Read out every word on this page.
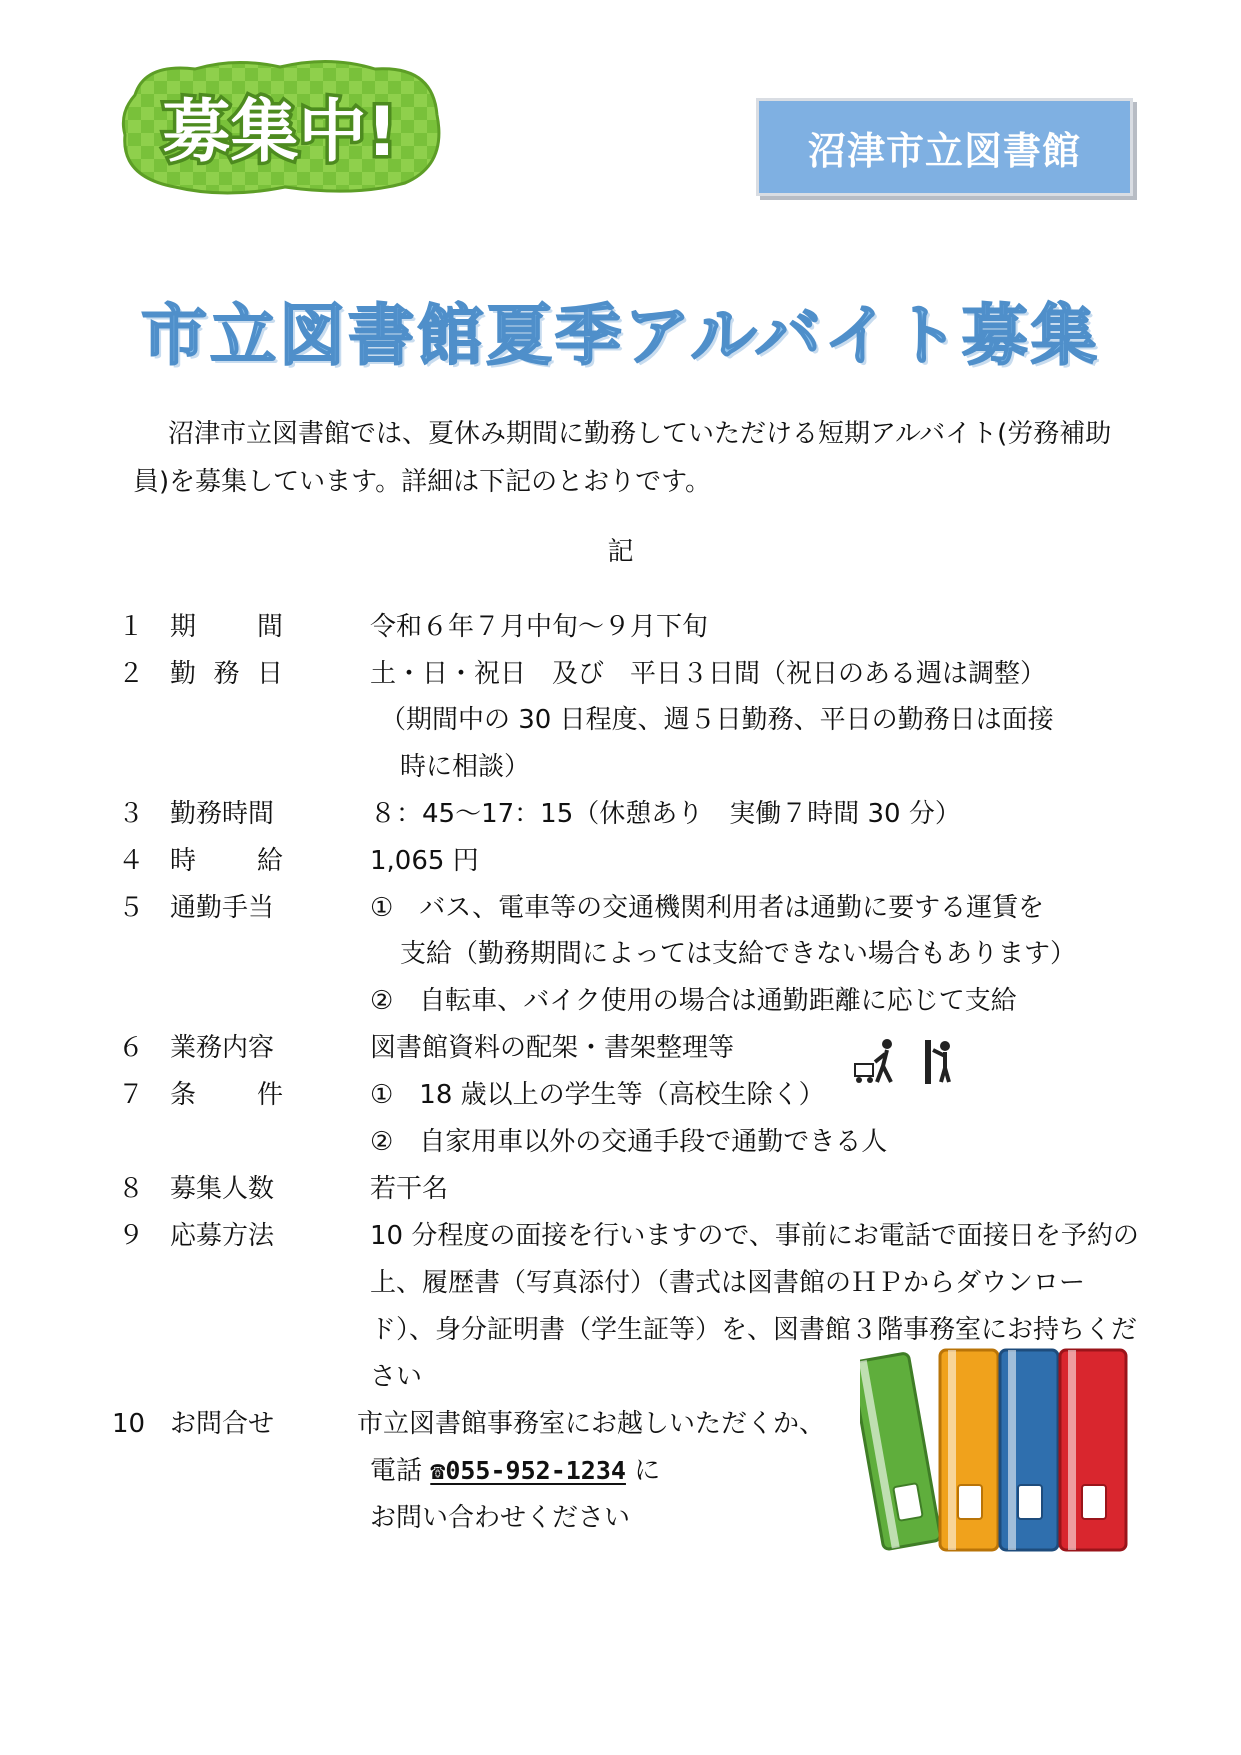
募集中!	沼津市立図書館
市立図書館夏季アルバイト募集
沼津市立図書館では、夏休み期間に勤務していただける短期アルバイト(労務補助員)を募集しています。詳細は下記のとおりです。
記
１ 期　　間	令和６年７月中旬～９月下旬
２ 勤 務 日	土・日・祝日　及び　平日３日間（祝日のある週は調整）
（期間中の 30 日程度、週５日勤務、平日の勤務日は面接
時に相談）
３ 勤務時間	８：45～17：15（休憩あり　実働７時間 30 分）
４ 時　　給	1,065 円
５ 通勤手当	①　バス、電車等の交通機関利用者は通勤に要する運賃を
支給（勤務期間によっては支給できない場合もあります）
②　自転車、バイク使用の場合は通勤距離に応じて支給
６ 業務内容	図書館資料の配架・書架整理等
７ 条　　件	①　18 歳以上の学生等（高校生除く）
②　自家用車以外の交通手段で通勤できる人
８ 募集人数	若干名
９ 応募方法	10 分程度の面接を行いますので、事前にお電話で面接日を予約の上、履歴書（写真添付）（書式は図書館のＨＰからダウンロード）、身分証明書（学生証等）を、図書館３階事務室にお持ちください
10 お問合せ	市立図書館事務室にお越しいただくか、
電話 ☎055-952-1234 に
お問い合わせください
